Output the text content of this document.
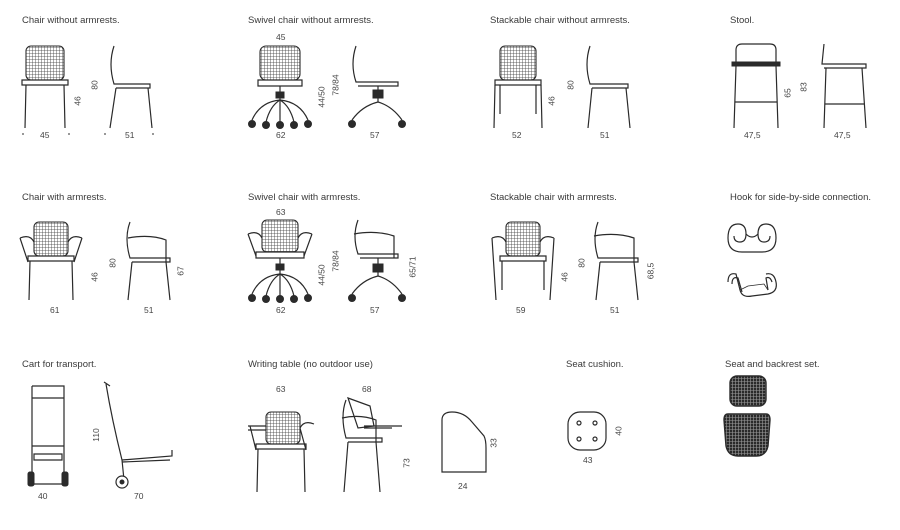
Chair without armrests.
45
46
80
51
Swivel chair without armrests.
45
62
44/50
78/84
57
Stackable chair without armrests.
52
46
80
51
Stool.
47,5
65
83
47,5
Chair with armrests.
61
46
80
67
51
Swivel chair with armrests.
63
62
44/50
78/84	65/71
57
Stackable chair with armrests.
59
46
80	68,5
51
Hook for side-by-side connection.
Cart for transport.
40
110
70
Writing table (no outdoor use)
63	68
73
24
33
Seat cushion.
43
40
Seat and backrest set.
